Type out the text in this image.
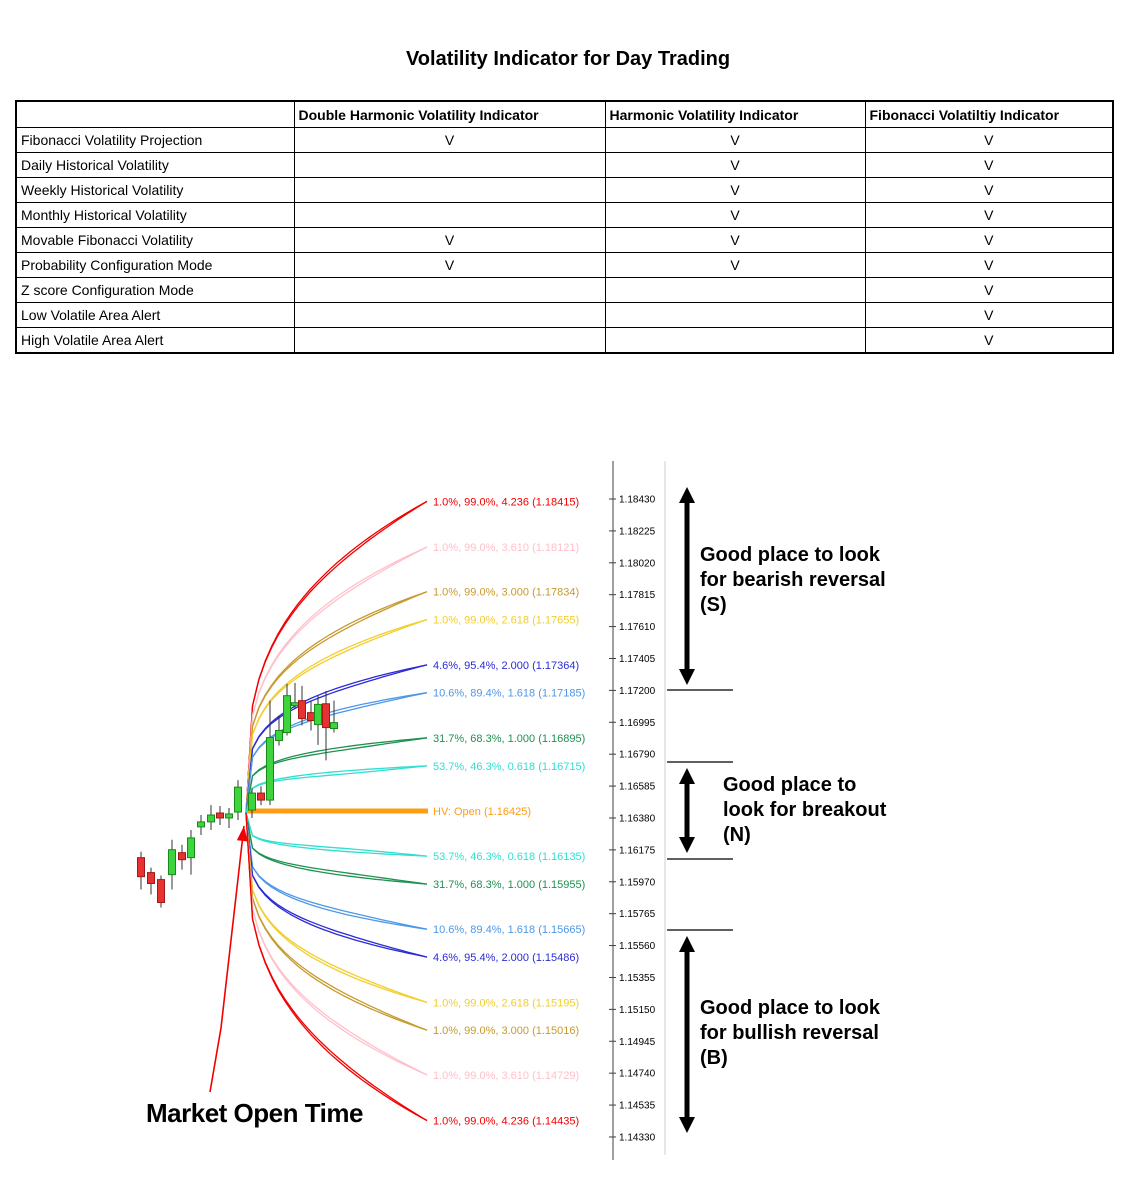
Volatility Indicator for Day Trading
	Double Harmonic Volatility Indicator	Harmonic Volatility Indicator	Fibonacci Volatiltiy Indicator
Fibonacci Volatility Projection	V	V	V
Daily Historical Volatility		V	V
Weekly Historical Volatility		V	V
Monthly Historical Volatility		V	V
Movable Fibonacci Volatility	V	V	V
Probability Configuration Mode	V	V	V
Z score Configuration Mode			V
Low Volatile Area Alert			V
High Volatile Area Alert			V
1.18430
1.18225
1.18020
1.17815
1.17610
1.17405
1.17200
1.16995
1.16790
1.16585
1.16380
1.16175
1.15970
1.15765
1.15560
1.15355
1.15150
1.14945
1.14740
1.14535
1.14330
1.0%, 99.0%, 4.236 (1.18415)
1.0%, 99.0%, 3.610 (1.18121)
1.0%, 99.0%, 3.000 (1.17834)
1.0%, 99.0%, 2.618 (1.17655)
4.6%, 95.4%, 2.000 (1.17364)
10.6%, 89.4%, 1.618 (1.17185)
31.7%, 68.3%, 1.000 (1.16895)
53.7%, 46.3%, 0.618 (1.16715)
53.7%, 46.3%, 0.618 (1.16135)
31.7%, 68.3%, 1.000 (1.15955)
10.6%, 89.4%, 1.618 (1.15665)
4.6%, 95.4%, 2.000 (1.15486)
1.0%, 99.0%, 2.618 (1.15195)
1.0%, 99.0%, 3.000 (1.15016)
1.0%, 99.0%, 3.610 (1.14729)
1.0%, 99.0%, 4.236 (1.14435)
HV: Open (1.16425)
Good place to look
for bearish reversal
(S)
Good place to
look for breakout
(N)
Good place to look
for bullish reversal
(B)
Market Open Time
